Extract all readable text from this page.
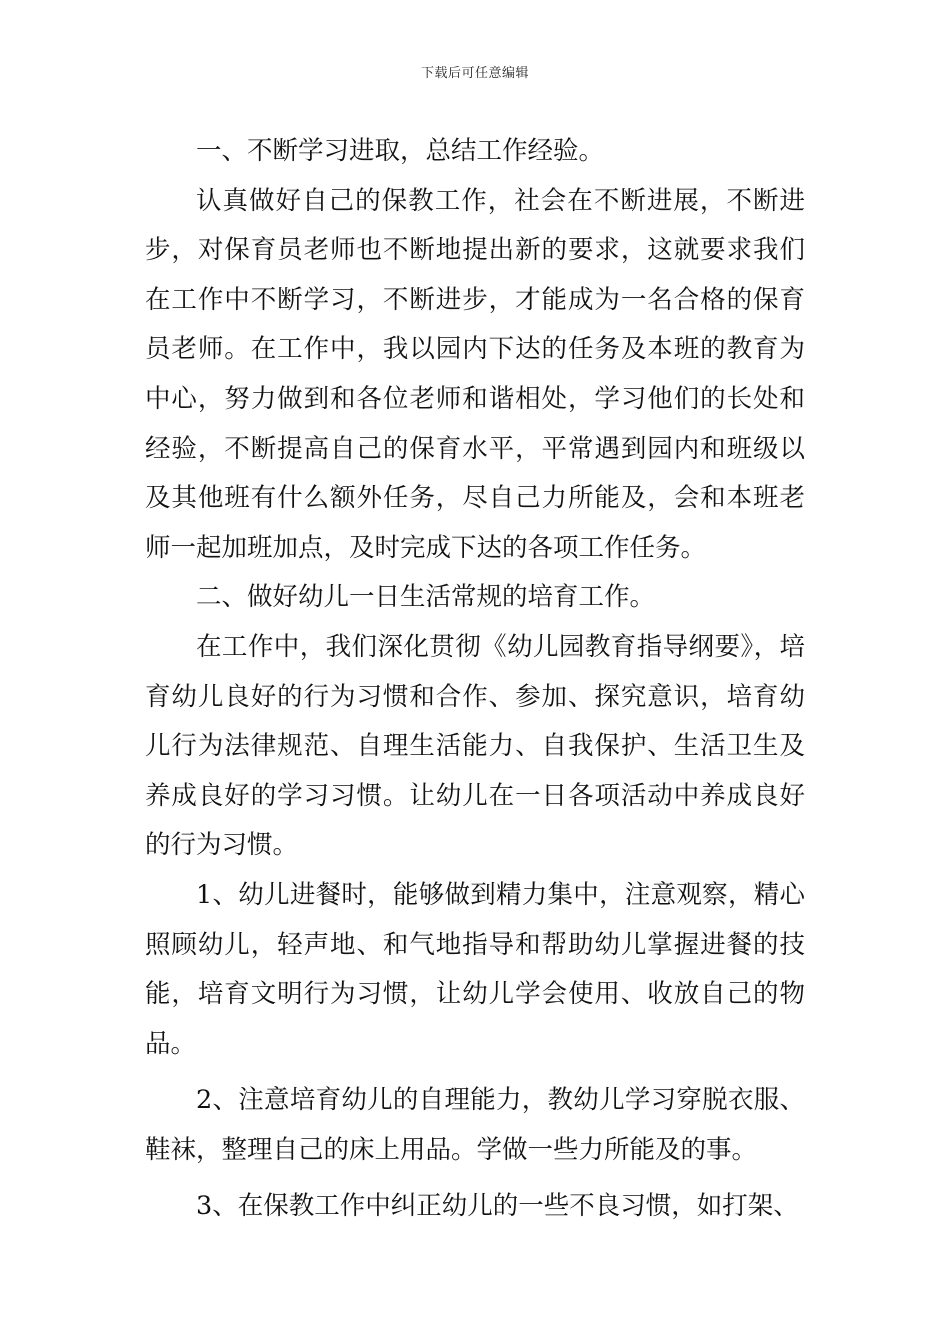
下载后可任意编辑

一、不断学习进取，总结工作经验。

认真做好自己的保教工作，社会在不断进展，不断进步，对保育员老师也不断地提出新的要求，这就要求我们在工作中不断学习，不断进步，才能成为一名合格的保育员老师。在工作中，我以园内下达的任务及本班的教育为中心，努力做到和各位老师和谐相处，学习他们的长处和经验，不断提高自己的保育水平，平常遇到园内和班级以及其他班有什么额外任务，尽自己力所能及，会和本班老师一起加班加点，及时完成下达的各项工作任务。

二、做好幼儿一日生活常规的培育工作。

在工作中，我们深化贯彻《幼儿园教育指导纲要》，培育幼儿良好的行为习惯和合作、参加、探究意识，培育幼儿行为法律规范、自理生活能力、自我保护、生活卫生及养成良好的学习习惯。让幼儿在一日各项活动中养成良好的行为习惯。

1、幼儿进餐时，能够做到精力集中，注意观察，精心照顾幼儿，轻声地、和气地指导和帮助幼儿掌握进餐的技能，培育文明行为习惯，让幼儿学会使用、收放自己的物品。

2、注意培育幼儿的自理能力，教幼儿学习穿脱衣服、鞋袜，整理自己的床上用品。学做一些力所能及的事。

3、在保教工作中纠正幼儿的一些不良习惯，如打架、
